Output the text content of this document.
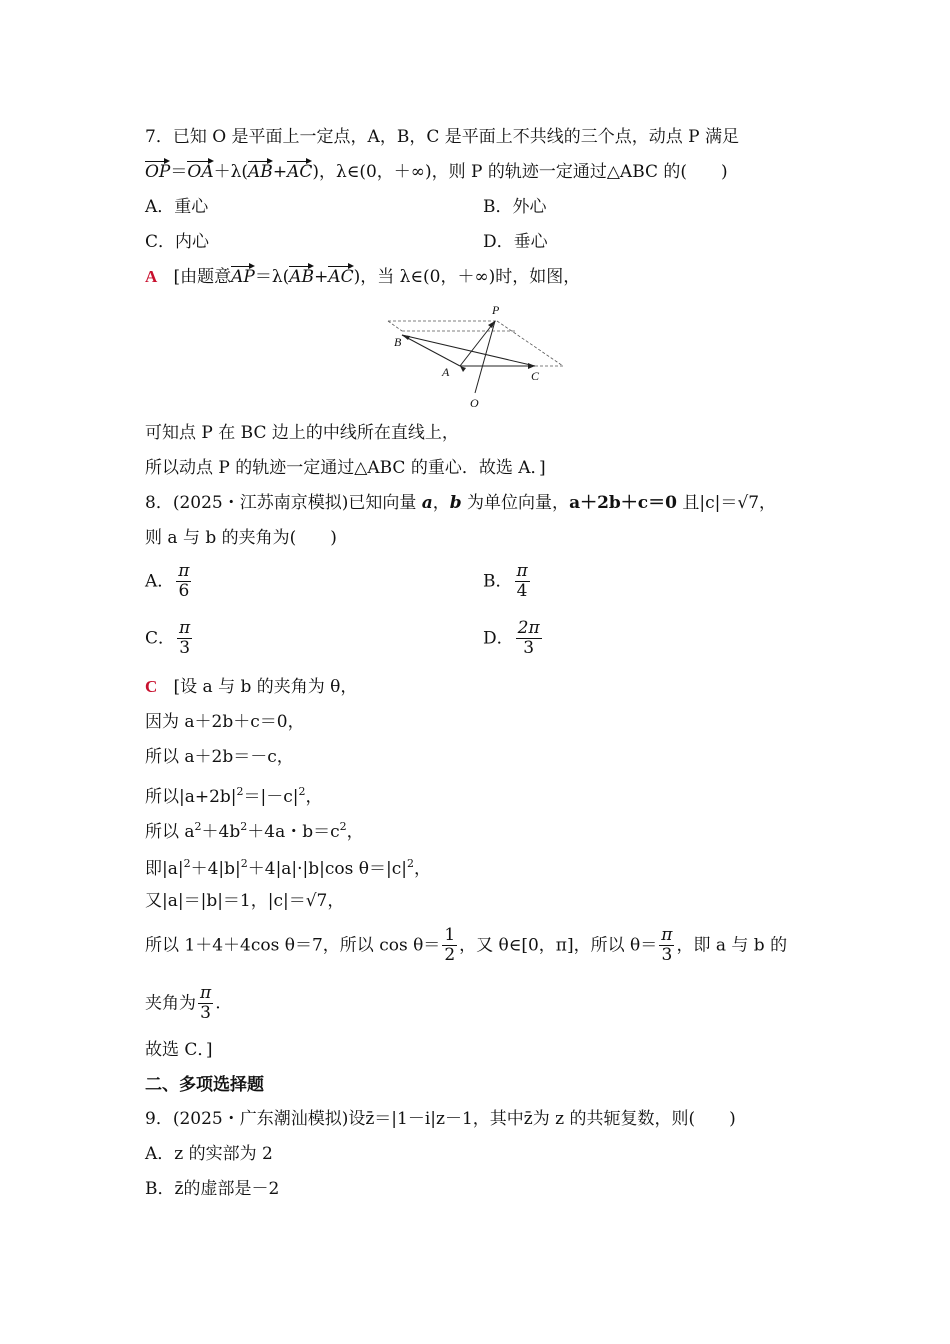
7．已知 O 是平面上一定点，A，B，C 是平面上不共线的三个点，动点 P 满足
OP＝OA＋λ(AB+AC)，λ∈(0，＋∞)，则 P 的轨迹一定通过△ABC 的(　　)
A．重心	B．外心
C．内心	D．垂心
A [由题意AP＝λ(AB+AC)，当 λ∈(0，＋∞)时，如图，
P
B
A	C
O
可知点 P 在 BC 边上的中线所在直线上，
所以动点 P 的轨迹一定通过△ABC 的重心．故选 A．]
8．(2025・江苏南京模拟)已知向量 a，b 为单位向量，a＋2b＋c＝0 且|c|＝√7，
则 a 与 b 的夹角为(　　)
A． $\frac{\pi}{6}$	B． $\frac{\pi}{4}$
C． $\frac{\pi}{3}$	D． $\frac{2\pi}{3}$
C [设 a 与 b 的夹角为 θ，
因为 a＋2b＋c＝0，
所以 a＋2b＝－c，
所以$|a+2b|^2=|-c|^2$，
所以 $a^2+4b^2+4a$・$b=c^2$，
即$|a|^2+4|b|^2+4|a|\cdot|b|\cos$ $\theta=|c|^2$，
又|a|＝|b|＝1，|c|＝√7，
所以 1＋4＋4cos θ＝7，所以 $\cos \theta= \frac{1}{2}$ ，又 θ∈[0，π]，所以 $\theta= \frac{\pi}{3}$ ，即 a 与 b 的
夹角为 $\frac{\pi}{3}$ .
故选 C．]
二、多项选择题
9．(2025・广东潮汕模拟)设z̄＝|1－i|z－1，其中z̄为 z 的共轭复数，则(　　)
A．z 的实部为 2
B．z̄的虚部是－2
